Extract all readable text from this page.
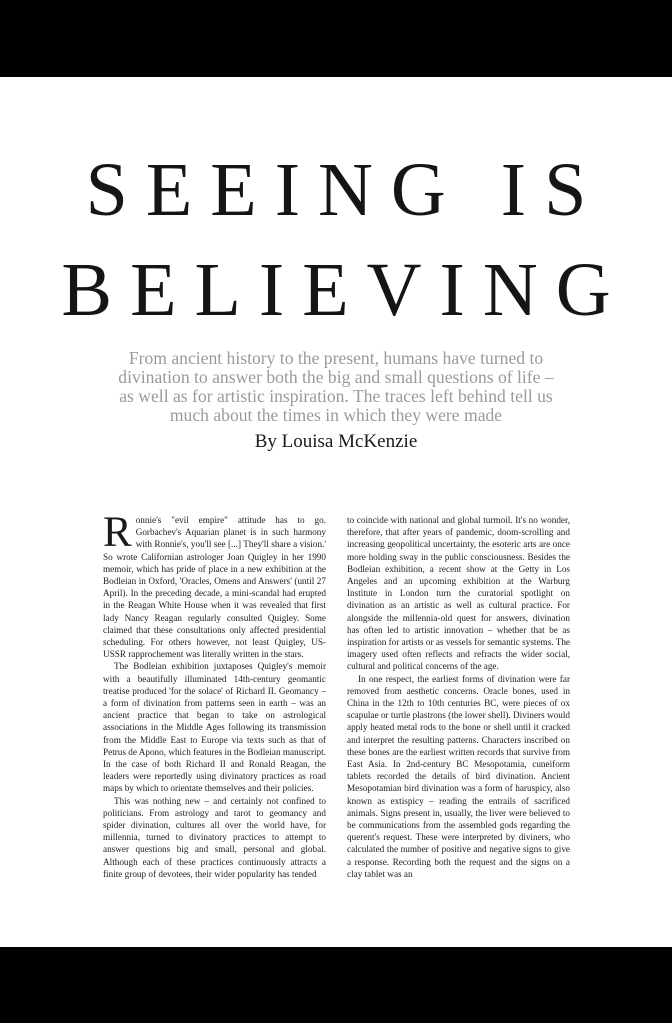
SEEING IS
BELIEVING
From ancient history to the present, humans have turned to divination to answer both the big and small questions of life – as well as for artistic inspiration. The traces left behind tell us much about the times in which they were made
By Louisa McKenzie

Ronnie's "evil empire" attitude has to go. Gorbachev's Aquarian planet is in such harmony with Ronnie's, you'll see [...] They'll share a vision.' So wrote Californian astrologer Joan Quigley in her 1990 memoir, which has pride of place in a new exhibition at the Bodleian in Oxford, 'Oracles, Omens and Answers' (until 27 April). In the preceding decade, a mini-scandal had erupted in the Reagan White House when it was revealed that first lady Nancy Reagan regularly consulted Quigley. Some claimed that these consultations only affected presidential scheduling. For others however, not least Quigley, US-USSR rapprochement was literally written in the stars.

The Bodleian exhibition juxtaposes Quigley's memoir with a beautifully illuminated 14th-century geomantic treatise produced 'for the solace' of Richard II. Geomancy – a form of divination from patterns seen in earth – was an ancient practice that began to take on astrological associations in the Middle Ages following its transmission from the Middle East to Europe via texts such as that of Petrus de Apono, which features in the Bodleian manuscript. In the case of both Richard II and Ronald Reagan, the leaders were reportedly using divinatory practices as road maps by which to orientate themselves and their policies.

This was nothing new – and certainly not confined to politicians. From astrology and tarot to geomancy and spider divination, cultures all over the world have, for millennia, turned to divinatory practices to attempt to answer questions big and small, personal and global. Although each of these practices continuously attracts a finite group of devotees, their wider popularity has tended

to coincide with national and global turmoil. It's no wonder, therefore, that after years of pandemic, doom-scrolling and increasing geopolitical uncertainty, the esoteric arts are once more holding sway in the public consciousness. Besides the Bodleian exhibition, a recent show at the Getty in Los Angeles and an upcoming exhibition at the Warburg Institute in London turn the curatorial spotlight on divination as an artistic as well as cultural practice. For alongside the millennia-old quest for answers, divination has often led to artistic innovation – whether that be as inspiration for artists or as vessels for semantic systems. The imagery used often reflects and refracts the wider social, cultural and political concerns of the age.

In one respect, the earliest forms of divination were far removed from aesthetic concerns. Oracle bones, used in China in the 12th to 10th centuries BC, were pieces of ox scapulae or turtle plastrons (the lower shell). Diviners would apply heated metal rods to the bone or shell until it cracked and interpret the resulting patterns. Characters inscribed on these bones are the earliest written records that survive from East Asia. In 2nd-century BC Mesopotamia, cuneiform tablets recorded the details of bird divination. Ancient Mesopotamian bird divination was a form of haruspicy, also known as extispicy – reading the entrails of sacrificed animals. Signs present in, usually, the liver were believed to be communications from the assembled gods regarding the querent's request. These were interpreted by diviners, who calculated the number of positive and negative signs to give a response. Recording both the request and the signs on a clay tablet was an
